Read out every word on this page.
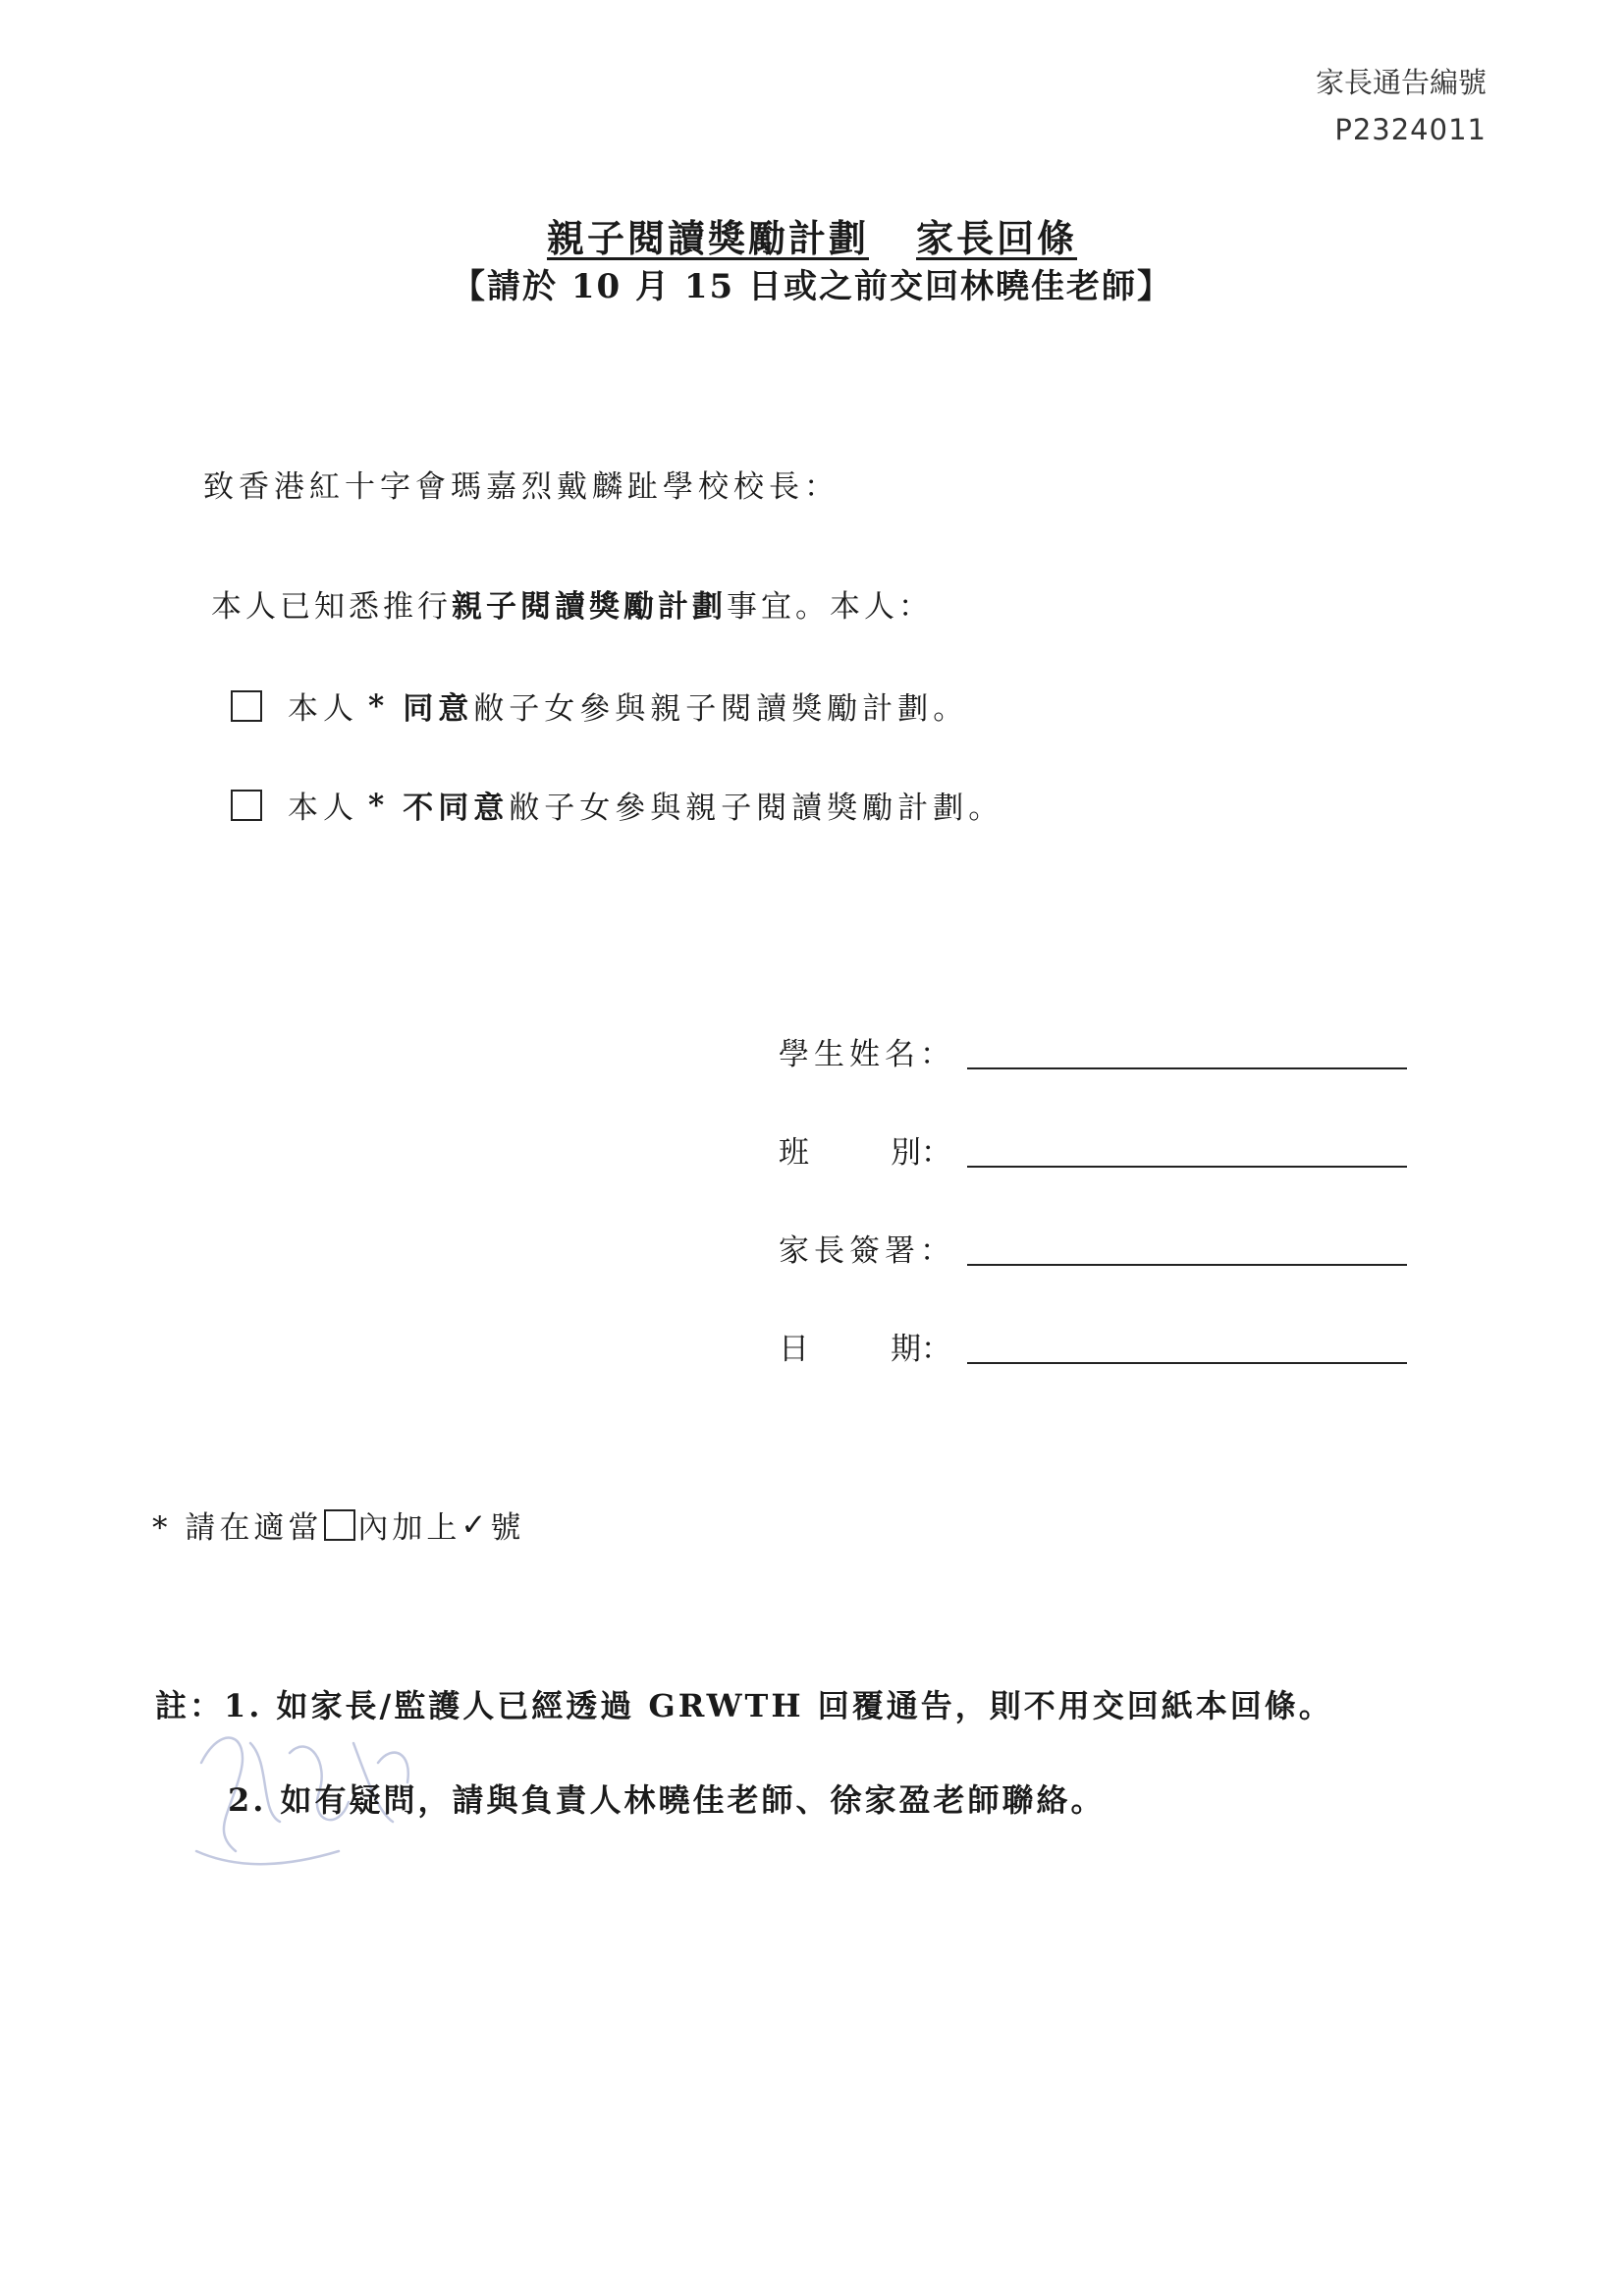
家長通告編號
P2324011
親子閱讀獎勵計劃 家長回條
【請於 10 月 15 日或之前交回林曉佳老師】
致香港紅十字會瑪嘉烈戴麟趾學校校長：
本人已知悉推行親子閱讀獎勵計劃事宜。本人：
本人 * 同意 敝子女參與親子閱讀獎勵計劃。
本人 * 不同意 敝子女參與親子閱讀獎勵計劃。
學生姓名：
班	別 ：
家長簽署：
日	期 ：
* 請在適當 內加上 ✓ 號
註：1. 如家長/監護人已經透過 GRWTH 回覆通告，則不用交回紙本回條。
2. 如有疑問，請與負責人林曉佳老師、徐家盈老師聯絡。
